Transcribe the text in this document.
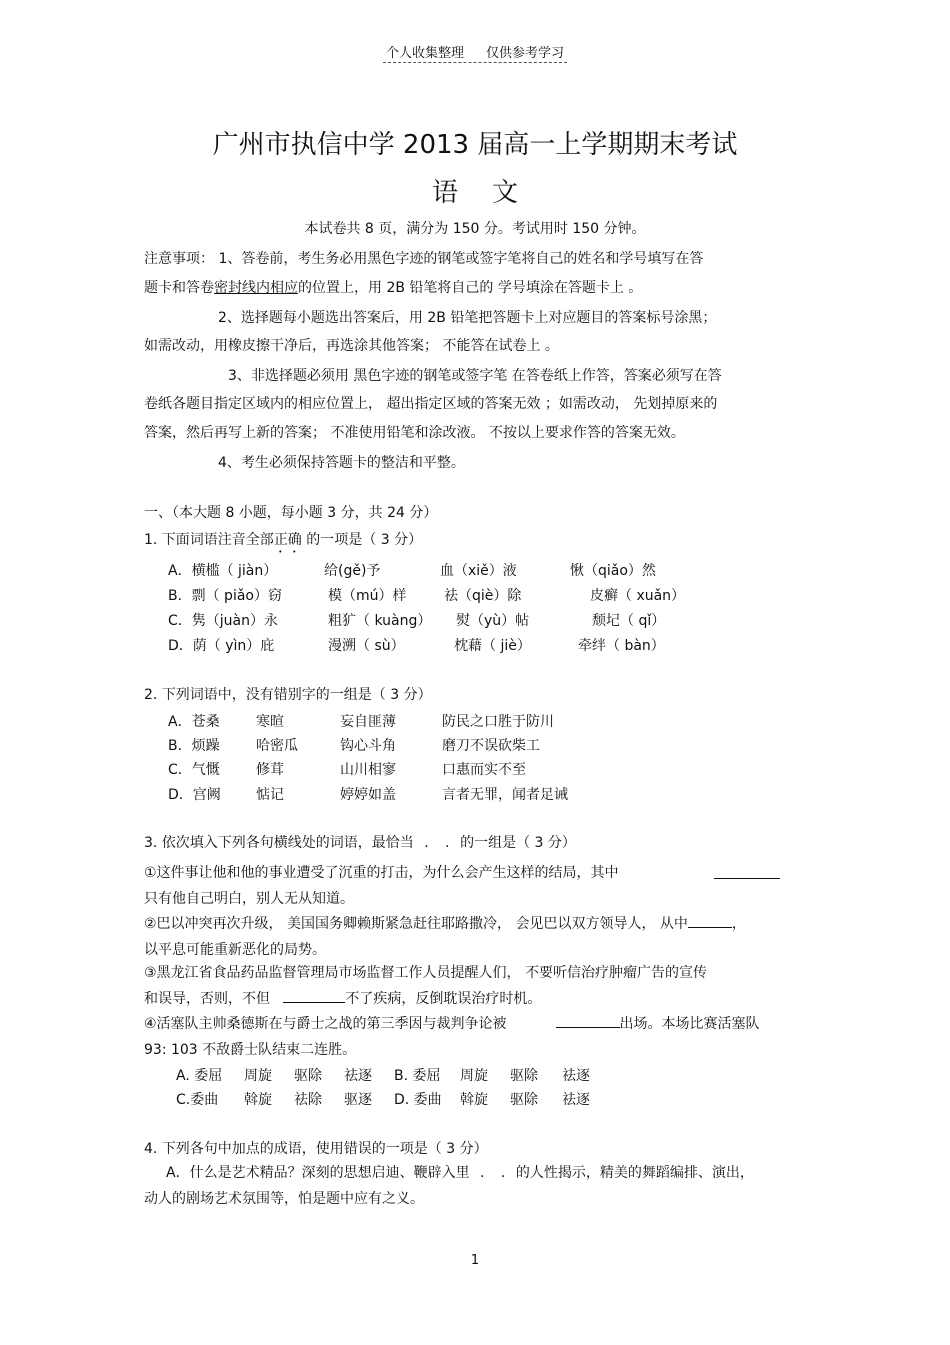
个人收集整理 仅供参考学习
广州市执信中学 2013 届高一上学期期末考试
语文
本试卷共 8 页，满分为 150 分。考试用时 150 分钟。
注意事项： 1、答卷前，考生务必用黑色字迹的钢笔或签字笔将自己的姓名和学号填写在答
题卡和答卷密封线内相应的位置上，用 2B 铅笔将自己的 学号填涂在答题卡上 。
2、选择题每小题选出答案后，用 2B 铅笔把答题卡上对应题目的答案标号涂黑；
如需改动，用橡皮擦干净后，再选涂其他答案； 不能答在试卷上 。
3、非选择题必须用 黑色字迹的钢笔或签字笔 在答卷纸上作答，答案必须写在答
卷纸各题目指定区域内的相应位置上， 超出指定区域的答案无效 ；如需改动， 先划掉原来的
答案，然后再写上新的答案； 不准使用铅笔和涂改液。 不按以上要求作答的答案无效。
4、考生必须保持答题卡的整洁和平整。
一、（本大题 8 小题，每小题 3 分，共 24 分）
1. 下面词语注音全部正确 的一项是（ 3 分）
A．横槛（ jiàn）	给(gě)予	血（xiě）液	愀（qiǎo）然
B．剽（ piǎo）窃	模（mú）样	祛（qiè）除	皮癣（ xuǎn）
C．隽（juàn）永	粗犷（ kuàng） 熨（yù）帖	颓圮（ qǐ）
D．荫（ yìn）庇	漫溯（ sù）	枕藉（ jiè）	牵绊（ bàn）
2. 下列词语中，没有错别字的一组是（ 3 分）
A．苍桑	寒暄	妄自匪薄	防民之口胜于防川
B．烦躁	哈密瓜	钩心斗角	磨刀不误砍柴工
C．气慨	修茸	山川相寥	口惠而实不至
D．宫阙	惦记	婷婷如盖	言者无罪，闻者足诫
3. 依次填入下列各句横线处的词语，最恰当 . . 的一组是（ 3 分）
①这件事让他和他的事业遭受了沉重的打击，为什么会产生这样的结局，其中
只有他自己明白，别人无从知道。
②巴以冲突再次升级， 美国国务卿赖斯紧急赶往耶路撒冷， 会见巴以双方领导人， 从中	，
以平息可能重新恶化的局势。
③黑龙江省食品药品监督管理局市场监督工作人员提醒人们， 不要听信治疗肿瘤广告的宣传
和误导，否则，不但	不了疾病，反倒耽误治疗时机。
④活塞队主帅桑德斯在与爵士之战的第三季因与裁判争论被	出场。本场比赛活塞队
93: 103 不敌爵士队结束二连胜。
A. 委屈 周旋 驱除 祛逐 B. 委屈 周旋 驱除 祛逐
C.委曲 斡旋 祛除 驱逐 D. 委曲 斡旋 驱除 祛逐
4. 下列各句中加点的成语，使用错误的一项是（ 3 分）
A．什么是艺术精品？深刻的思想启迪、鞭辟入里 . . 的人性揭示，精美的舞蹈编排、演出，
动人的剧场艺术氛围等，怕是题中应有之义。
1
